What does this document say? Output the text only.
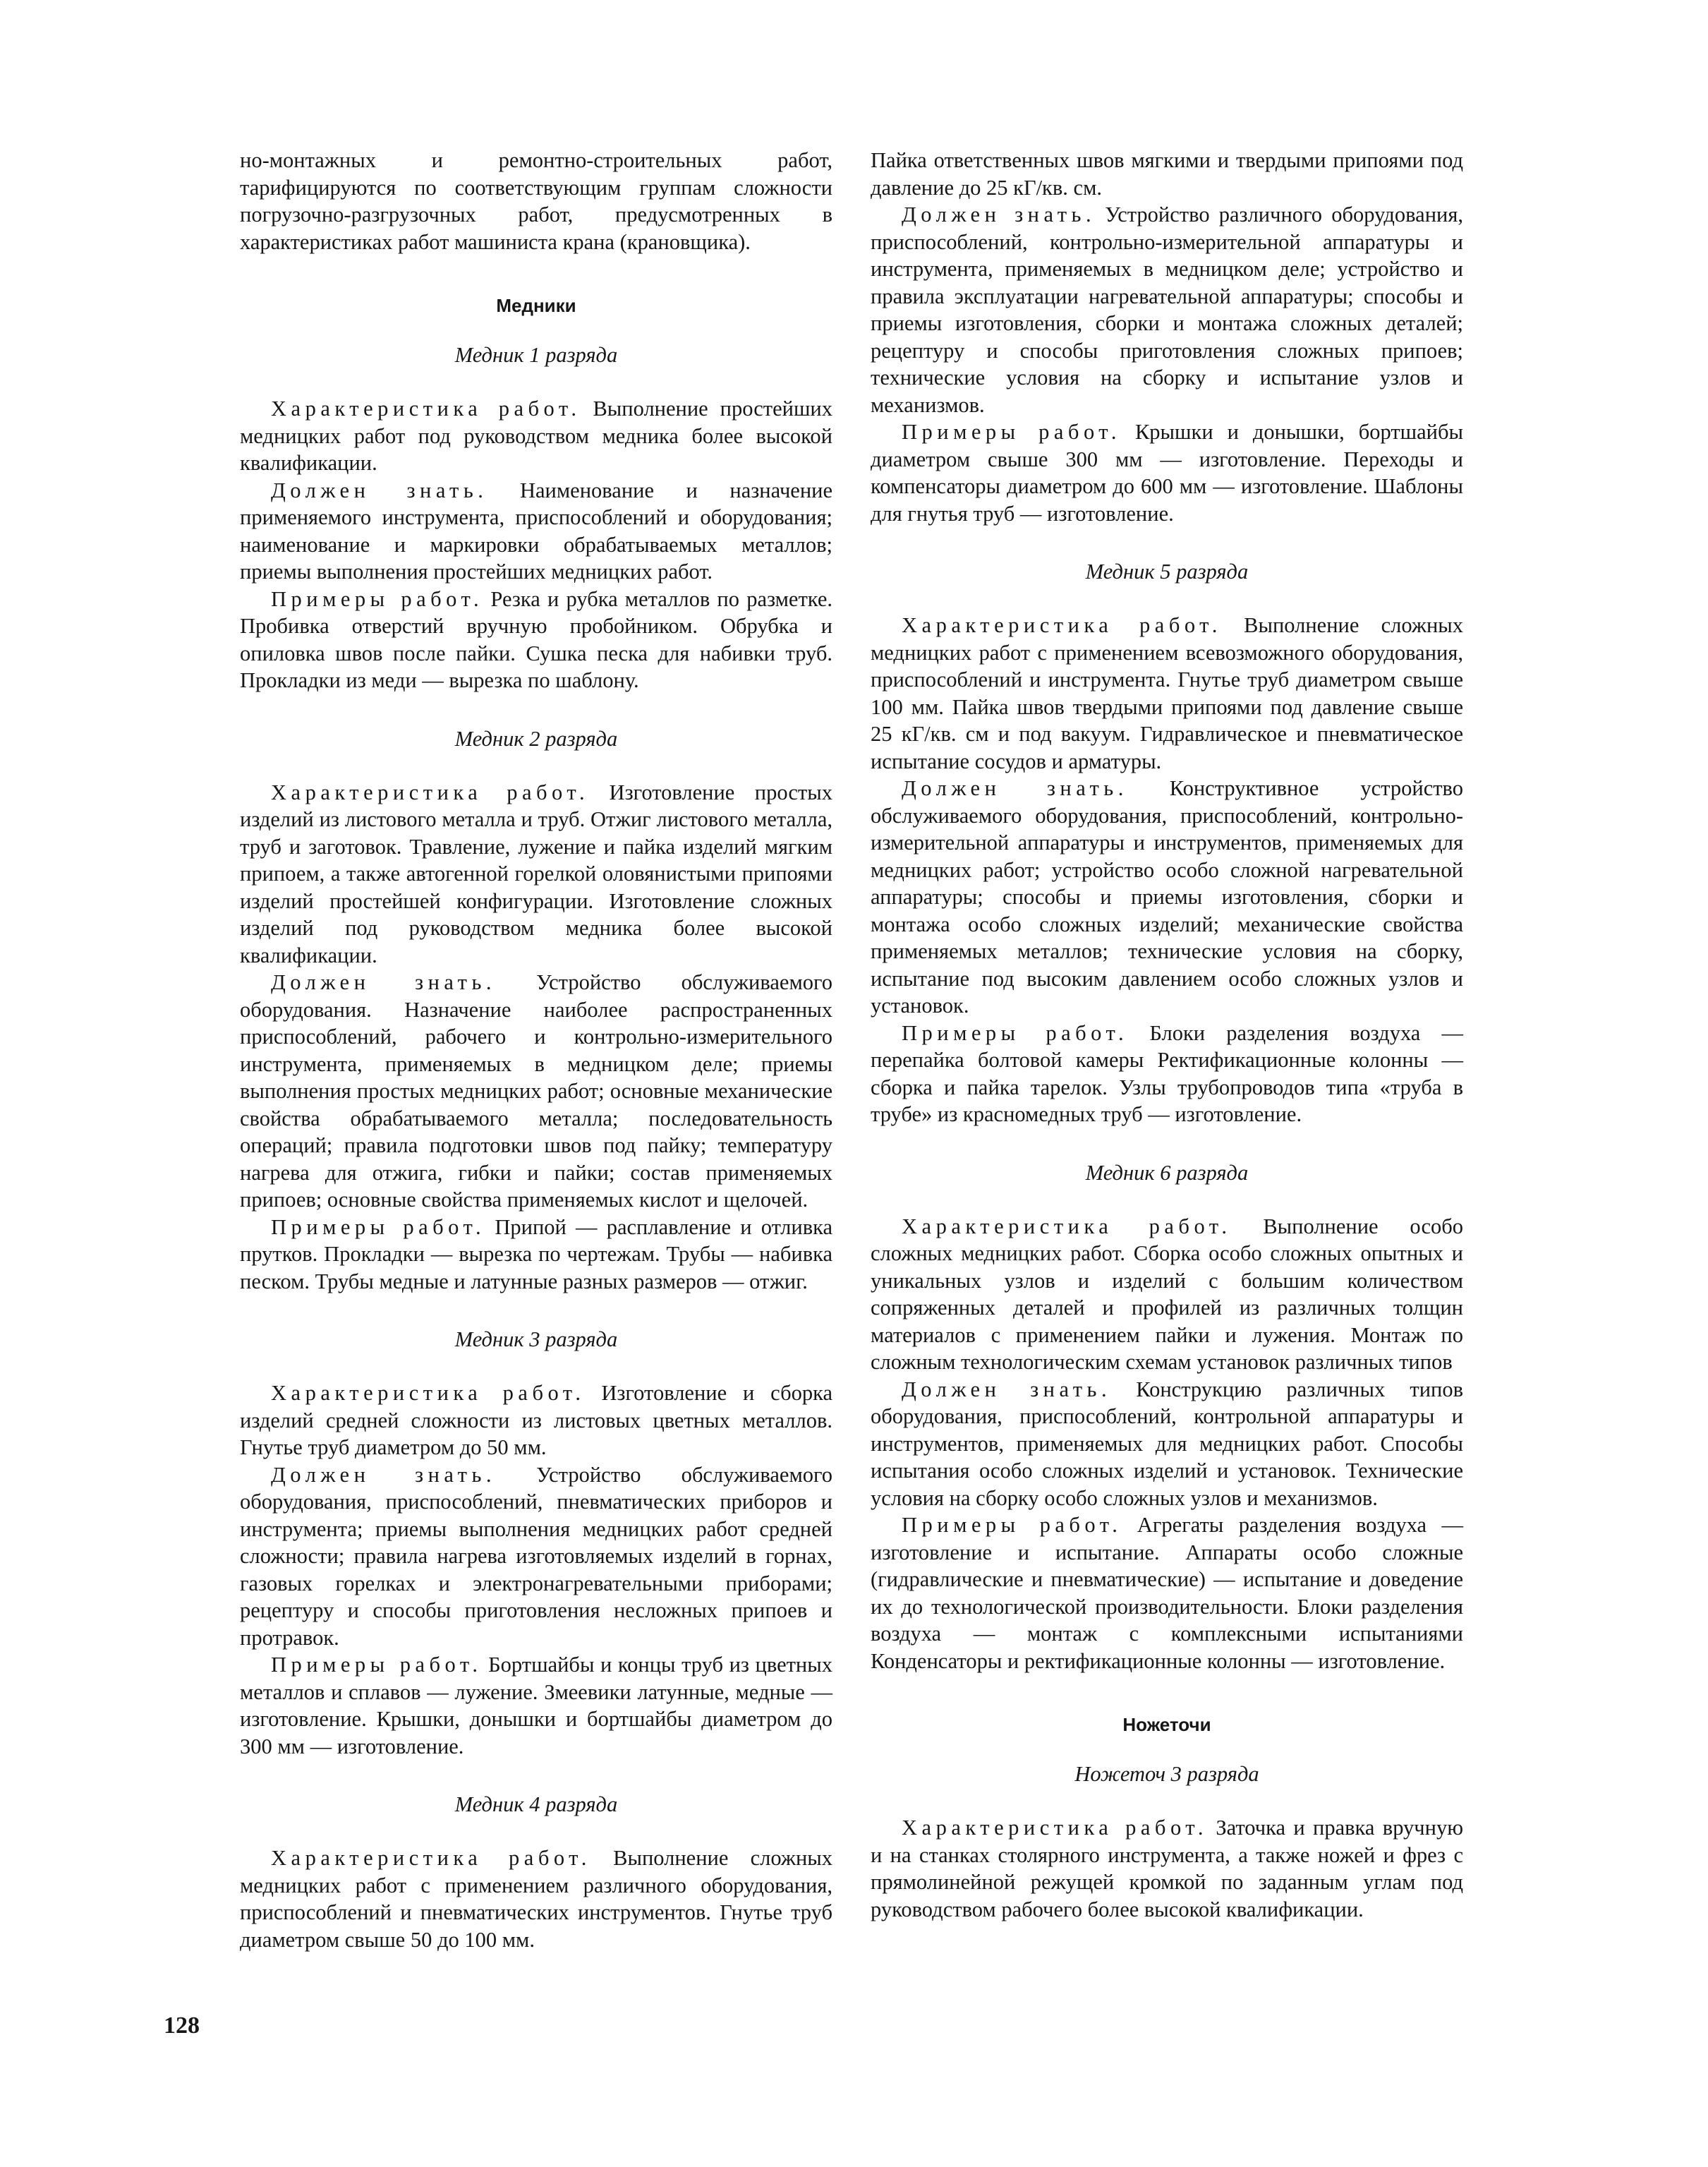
но-монтажных и ремонтно-строительных работ, тарифицируются по соответствующим группам сложности погрузочно-разгрузочных работ, предусмотренных в характеристиках работ машиниста крана (крановщика).

Медники
Медник 1 разряда

Характеристика работ. Выполнение простейших медницких работ под руководством медника более высокой квалификации.

Должен знать. Наименование и назначение применяемого инструмента, приспособлений и оборудования; наименование и маркировки обрабатываемых металлов; приемы выполнения простейших медницких работ.

Примеры работ. Резка и рубка металлов по разметке. Пробивка отверстий вручную пробойником. Обрубка и опиловка швов после пайки. Сушка песка для набивки труб. Прокладки из меди — вырезка по шаблону.

Медник 2 разряда

Характеристика работ. Изготовление простых изделий из листового металла и труб. Отжиг листового металла, труб и заготовок. Травление, лужение и пайка изделий мягким припоем, а также автогенной горелкой оловянистыми припоями изделий простейшей конфигурации. Изготовление сложных изделий под руководством медника более высокой квалификации.

Должен знать. Устройство обслуживаемого оборудования. Назначение наиболее распространенных приспособлений, рабочего и контрольно-измерительного инструмента, применяемых в медницком деле; приемы выполнения простых медницких работ; основные механические свойства обрабатываемого металла; последовательность операций; правила подготовки швов под пайку; температуру нагрева для отжига, гибки и пайки; состав применяемых припоев; основные свойства применяемых кислот и щелочей.

Примеры работ. Припой — расплавление и отливка прутков. Прокладки — вырезка по чертежам. Трубы — набивка песком. Трубы медные и латунные разных размеров — отжиг.

Медник 3 разряда

Характеристика работ. Изготовление и сборка изделий средней сложности из листовых цветных металлов. Гнутье труб диаметром до 50 мм.

Должен знать. Устройство обслуживаемого оборудования, приспособлений, пневматических приборов и инструмента; приемы выполнения медницких работ средней сложности; правила нагрева изготовляемых изделий в горнах, газовых горелках и электронагревательными приборами; рецептуру и способы приготовления несложных припоев и протравок.

Примеры работ. Бортшайбы и концы труб из цветных металлов и сплавов — лужение. Змеевики латунные, медные — изготовление. Крышки, донышки и бортшайбы диаметром до 300 мм — изготовление.

Медник 4 разряда

Характеристика работ. Выполнение сложных медницких работ с применением различного оборудования, приспособлений и пневматических инструментов. Гнутье труб диаметром свыше 50 до 100 мм.

Пайка ответственных швов мягкими и твердыми припоями под давление до 25 кГ/кв. см.

Должен знать. Устройство различного оборудования, приспособлений, контрольно-измерительной аппаратуры и инструмента, применяемых в медницком деле; устройство и правила эксплуатации нагревательной аппаратуры; способы и приемы изготовления, сборки и монтажа сложных деталей; рецептуру и способы приготовления сложных припоев; технические условия на сборку и испытание узлов и механизмов.

Примеры работ. Крышки и донышки, бортшайбы диаметром свыше 300 мм — изготовление. Переходы и компенсаторы диаметром до 600 мм — изготовление. Шаблоны для гнутья труб — изготовление.

Медник 5 разряда

Характеристика работ. Выполнение сложных медницких работ с применением всевозможного оборудования, приспособлений и инструмента. Гнутье труб диаметром свыше 100 мм. Пайка швов твердыми припоями под давление свыше 25 кГ/кв. см и под вакуум. Гидравлическое и пневматическое испытание сосудов и арматуры.

Должен знать. Конструктивное устройство обслуживаемого оборудования, приспособлений, контрольно-измерительной аппаратуры и инструментов, применяемых для медницких работ; устройство особо сложной нагревательной аппаратуры; способы и приемы изготовления, сборки и монтажа особо сложных изделий; механические свойства применяемых металлов; технические условия на сборку, испытание под высоким давлением особо сложных узлов и установок.

Примеры работ. Блоки разделения воздуха — перепайка болтовой камеры Ректификационные колонны — сборка и пайка тарелок. Узлы трубопроводов типа «труба в трубе» из красномедных труб — изготовление.

Медник 6 разряда

Характеристика работ. Выполнение особо сложных медницких работ. Сборка особо сложных опытных и уникальных узлов и изделий с большим количеством сопряженных деталей и профилей из различных толщин материалов с применением пайки и лужения. Монтаж по сложным технологическим схемам установок различных типов

Должен знать. Конструкцию различных типов оборудования, приспособлений, контрольной аппаратуры и инструментов, применяемых для медницких работ. Способы испытания особо сложных изделий и установок. Технические условия на сборку особо сложных узлов и механизмов.

Примеры работ. Агрегаты разделения воздуха — изготовление и испытание. Аппараты особо сложные (гидравлические и пневматические) — испытание и доведение их до технологической производительности. Блоки разделения воздуха — монтаж с комплексными испытаниями Конденсаторы и ректификационные колонны — изготовление.

Ножеточи
Ножеточ 3 разряда

Характеристика работ. Заточка и правка вручную и на станках столярного инструмента, а также ножей и фрез с прямолинейной режущей кромкой по заданным углам под руководством рабочего более высокой квалификации.

128
